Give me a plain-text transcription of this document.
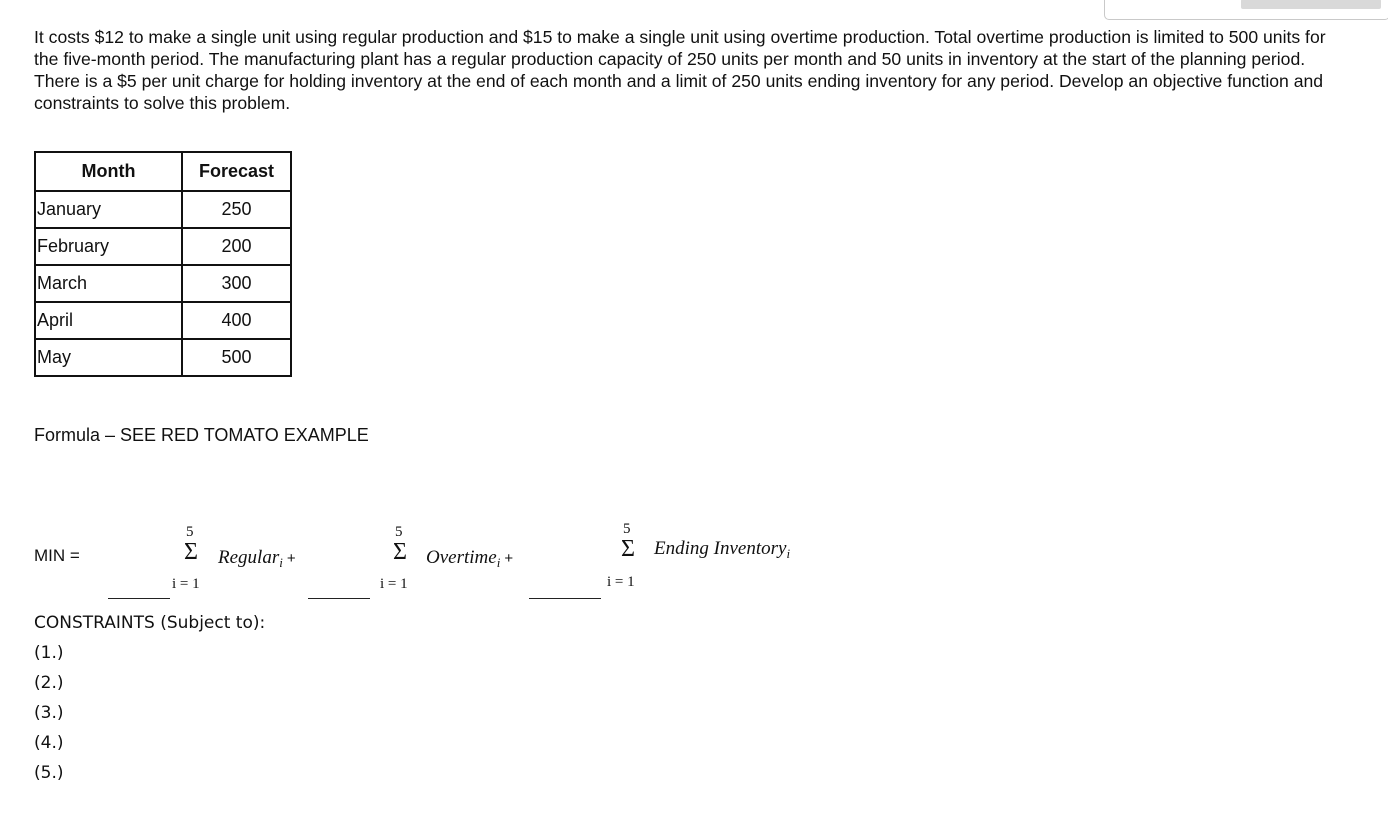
It costs $12 to make a single unit using regular production and $15 to make a single unit using overtime production. Total overtime production is limited to 500 units for the five-month period. The manufacturing plant has a regular production capacity of 250 units per month and 50 units in inventory at the start of the planning period. There is a $5 per unit charge for holding inventory at the end of each month and a limit of 250 units ending inventory for any period. Develop an objective function and constraints to solve this problem.

Month	Forecast
January	250
February	200
March	300
April	400
May	500
Formula – SEE RED TOMATO EXAMPLE
MIN =
5
Σ
i = 1
Regular$_i$ +
5
Σ
i = 1
Overtime$_i$ +
5
Σ
i = 1
Ending Inventory$_i$
CONSTRAINTS (Subject to):
(1.)
(2.)
(3.)
(4.)
(5.)
